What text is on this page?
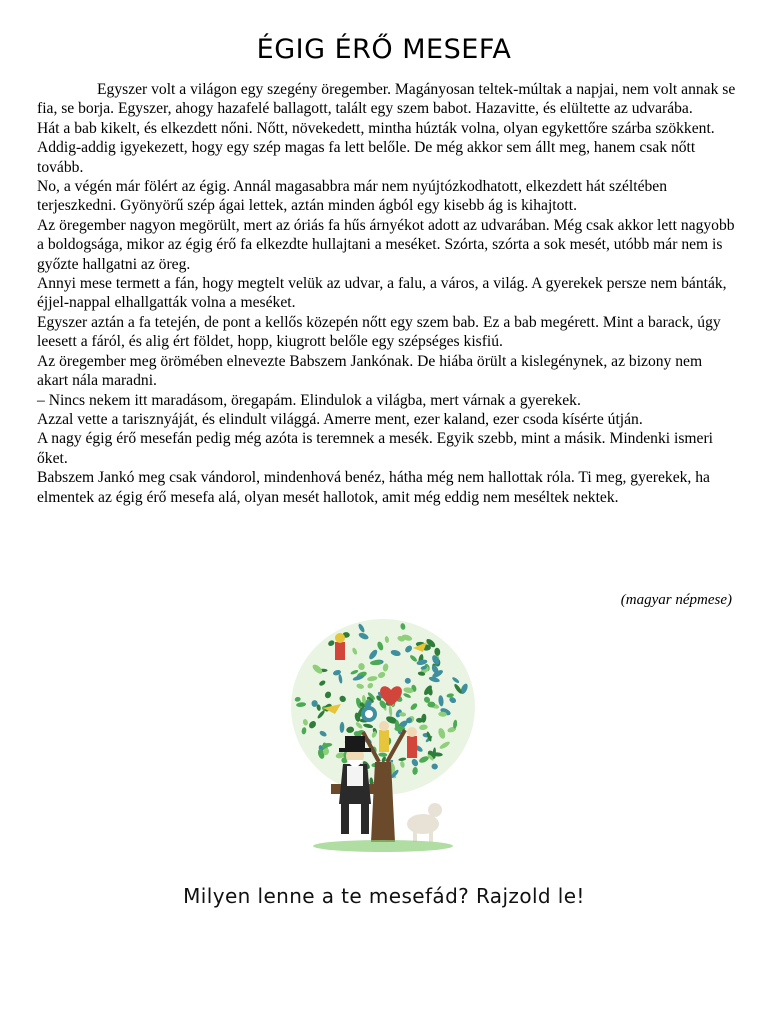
ÉGIG ÉRŐ MESEFA

Egyszer volt a világon egy szegény öregember. Magányosan teltek-múltak a napjai, nem volt annak se fia, se borja. Egyszer, ahogy hazafelé ballagott, talált egy szem babot. Hazavitte, és elültette az udvarába.

Hát a bab kikelt, és elkezdett nőni. Nőtt, növekedett, mintha húzták volna, olyan egykettőre szárba szökkent. Addig-addig igyekezett, hogy egy szép magas fa lett belőle. De még akkor sem állt meg, hanem csak nőtt tovább.

No, a végén már fölért az égig. Annál magasabbra már nem nyújtózkodhatott, elkezdett hát széltében terjeszkedni. Gyönyörű szép ágai lettek, aztán minden ágból egy kisebb ág is kihajtott.

Az öregember nagyon megörült, mert az óriás fa hűs árnyékot adott az udvarában. Még csak akkor lett nagyobb a boldogsága, mikor az égig érő fa elkezdte hullajtani a meséket. Szórta, szórta a sok mesét, utóbb már nem is győzte hallgatni az öreg.

Annyi mese termett a fán, hogy megtelt velük az udvar, a falu, a város, a világ. A gyerekek persze nem bánták, éjjel-nappal elhallgatták volna a meséket.

Egyszer aztán a fa tetején, de pont a kellős közepén nőtt egy szem bab. Ez a bab megérett. Mint a barack, úgy leesett a fáról, és alig ért földet, hopp, kiugrott belőle egy szépséges kisfiú.

Az öregember meg örömében elnevezte Babszem Jankónak. De hiába örült a kislegénynek, az bizony nem akart nála maradni.

– Nincs nekem itt maradásom, öregapám. Elindulok a világba, mert várnak a gyerekek.

Azzal vette a tarisznyáját, és elindult világgá. Amerre ment, ezer kaland, ezer csoda kísérte útján.

A nagy égig érő mesefán pedig még azóta is teremnek a mesék. Egyik szebb, mint a másik. Mindenki ismeri őket.

Babszem Jankó meg csak vándorol, mindenhová benéz, hátha még nem hallottak róla. Ti meg, gyerekek, ha elmentek az égig érő mesefa alá, olyan mesét hallotok, amit még eddig nem meséltek nektek.

(magyar népmese)
Milyen lenne a te mesefád? Rajzold le!
